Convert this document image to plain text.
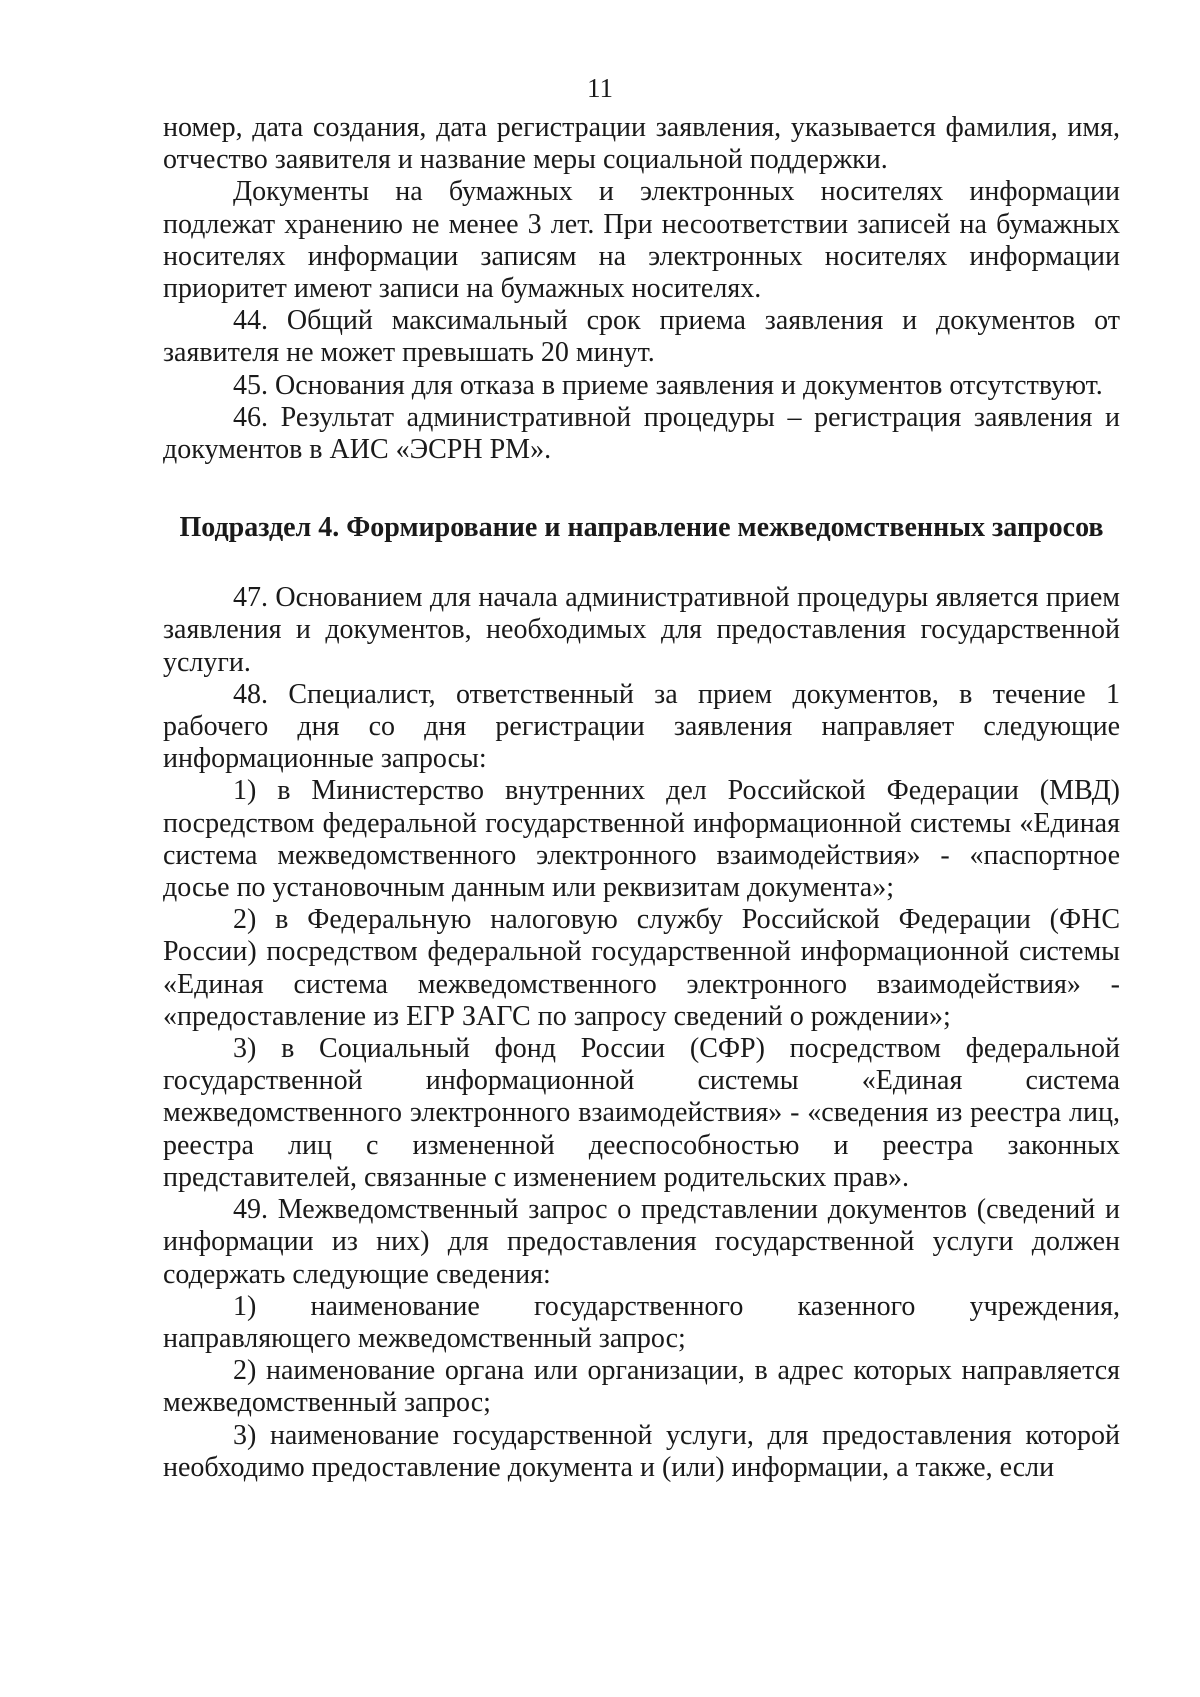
11

номер, дата создания, дата регистрации заявления, указывается фамилия, имя, отчество заявителя и название меры социальной поддержки.

Документы на бумажных и электронных носителях информации подлежат хранению не менее 3 лет. При несоответствии записей на бумажных носителях информации записям на электронных носителях информации приоритет имеют записи на бумажных носителях.

44. Общий максимальный срок приема заявления и документов от заявителя не может превышать 20 минут.

45. Основания для отказа в приеме заявления и документов отсутствуют.

46. Результат административной процедуры – регистрация заявления и документов в АИС «ЭСРН РМ».

Подраздел 4. Формирование и направление межведомственных запросов

47. Основанием для начала административной процедуры является прием заявления и документов, необходимых для предоставления государственной услуги.

48. Специалист, ответственный за прием документов, в течение 1 рабочего дня со дня регистрации заявления направляет следующие информационные запросы:

1) в Министерство внутренних дел Российской Федерации (МВД) посредством федеральной государственной информационной системы «Единая система межведомственного электронного взаимодействия» - «паспортное досье по установочным данным или реквизитам документа»;

2) в Федеральную налоговую службу Российской Федерации (ФНС России) посредством федеральной государственной информационной системы «Единая система межведомственного электронного взаимодействия» - «предоставление из ЕГР ЗАГС по запросу сведений о рождении»;

3) в Социальный фонд России (СФР) посредством федеральной государственной информационной системы «Единая система межведомственного электронного взаимодействия» - «сведения из реестра лиц, реестра лиц с измененной дееспособностью и реестра законных представителей, связанные с изменением родительских прав».

49. Межведомственный запрос о представлении документов (сведений и информации из них) для предоставления государственной услуги должен содержать следующие сведения:

1) наименование государственного казенного учреждения, направляющего межведомственный запрос;

2) наименование органа или организации, в адрес которых направляется межведомственный запрос;

3) наименование государственной услуги, для предоставления которой необходимо предоставление документа и (или) информации, а также, если
